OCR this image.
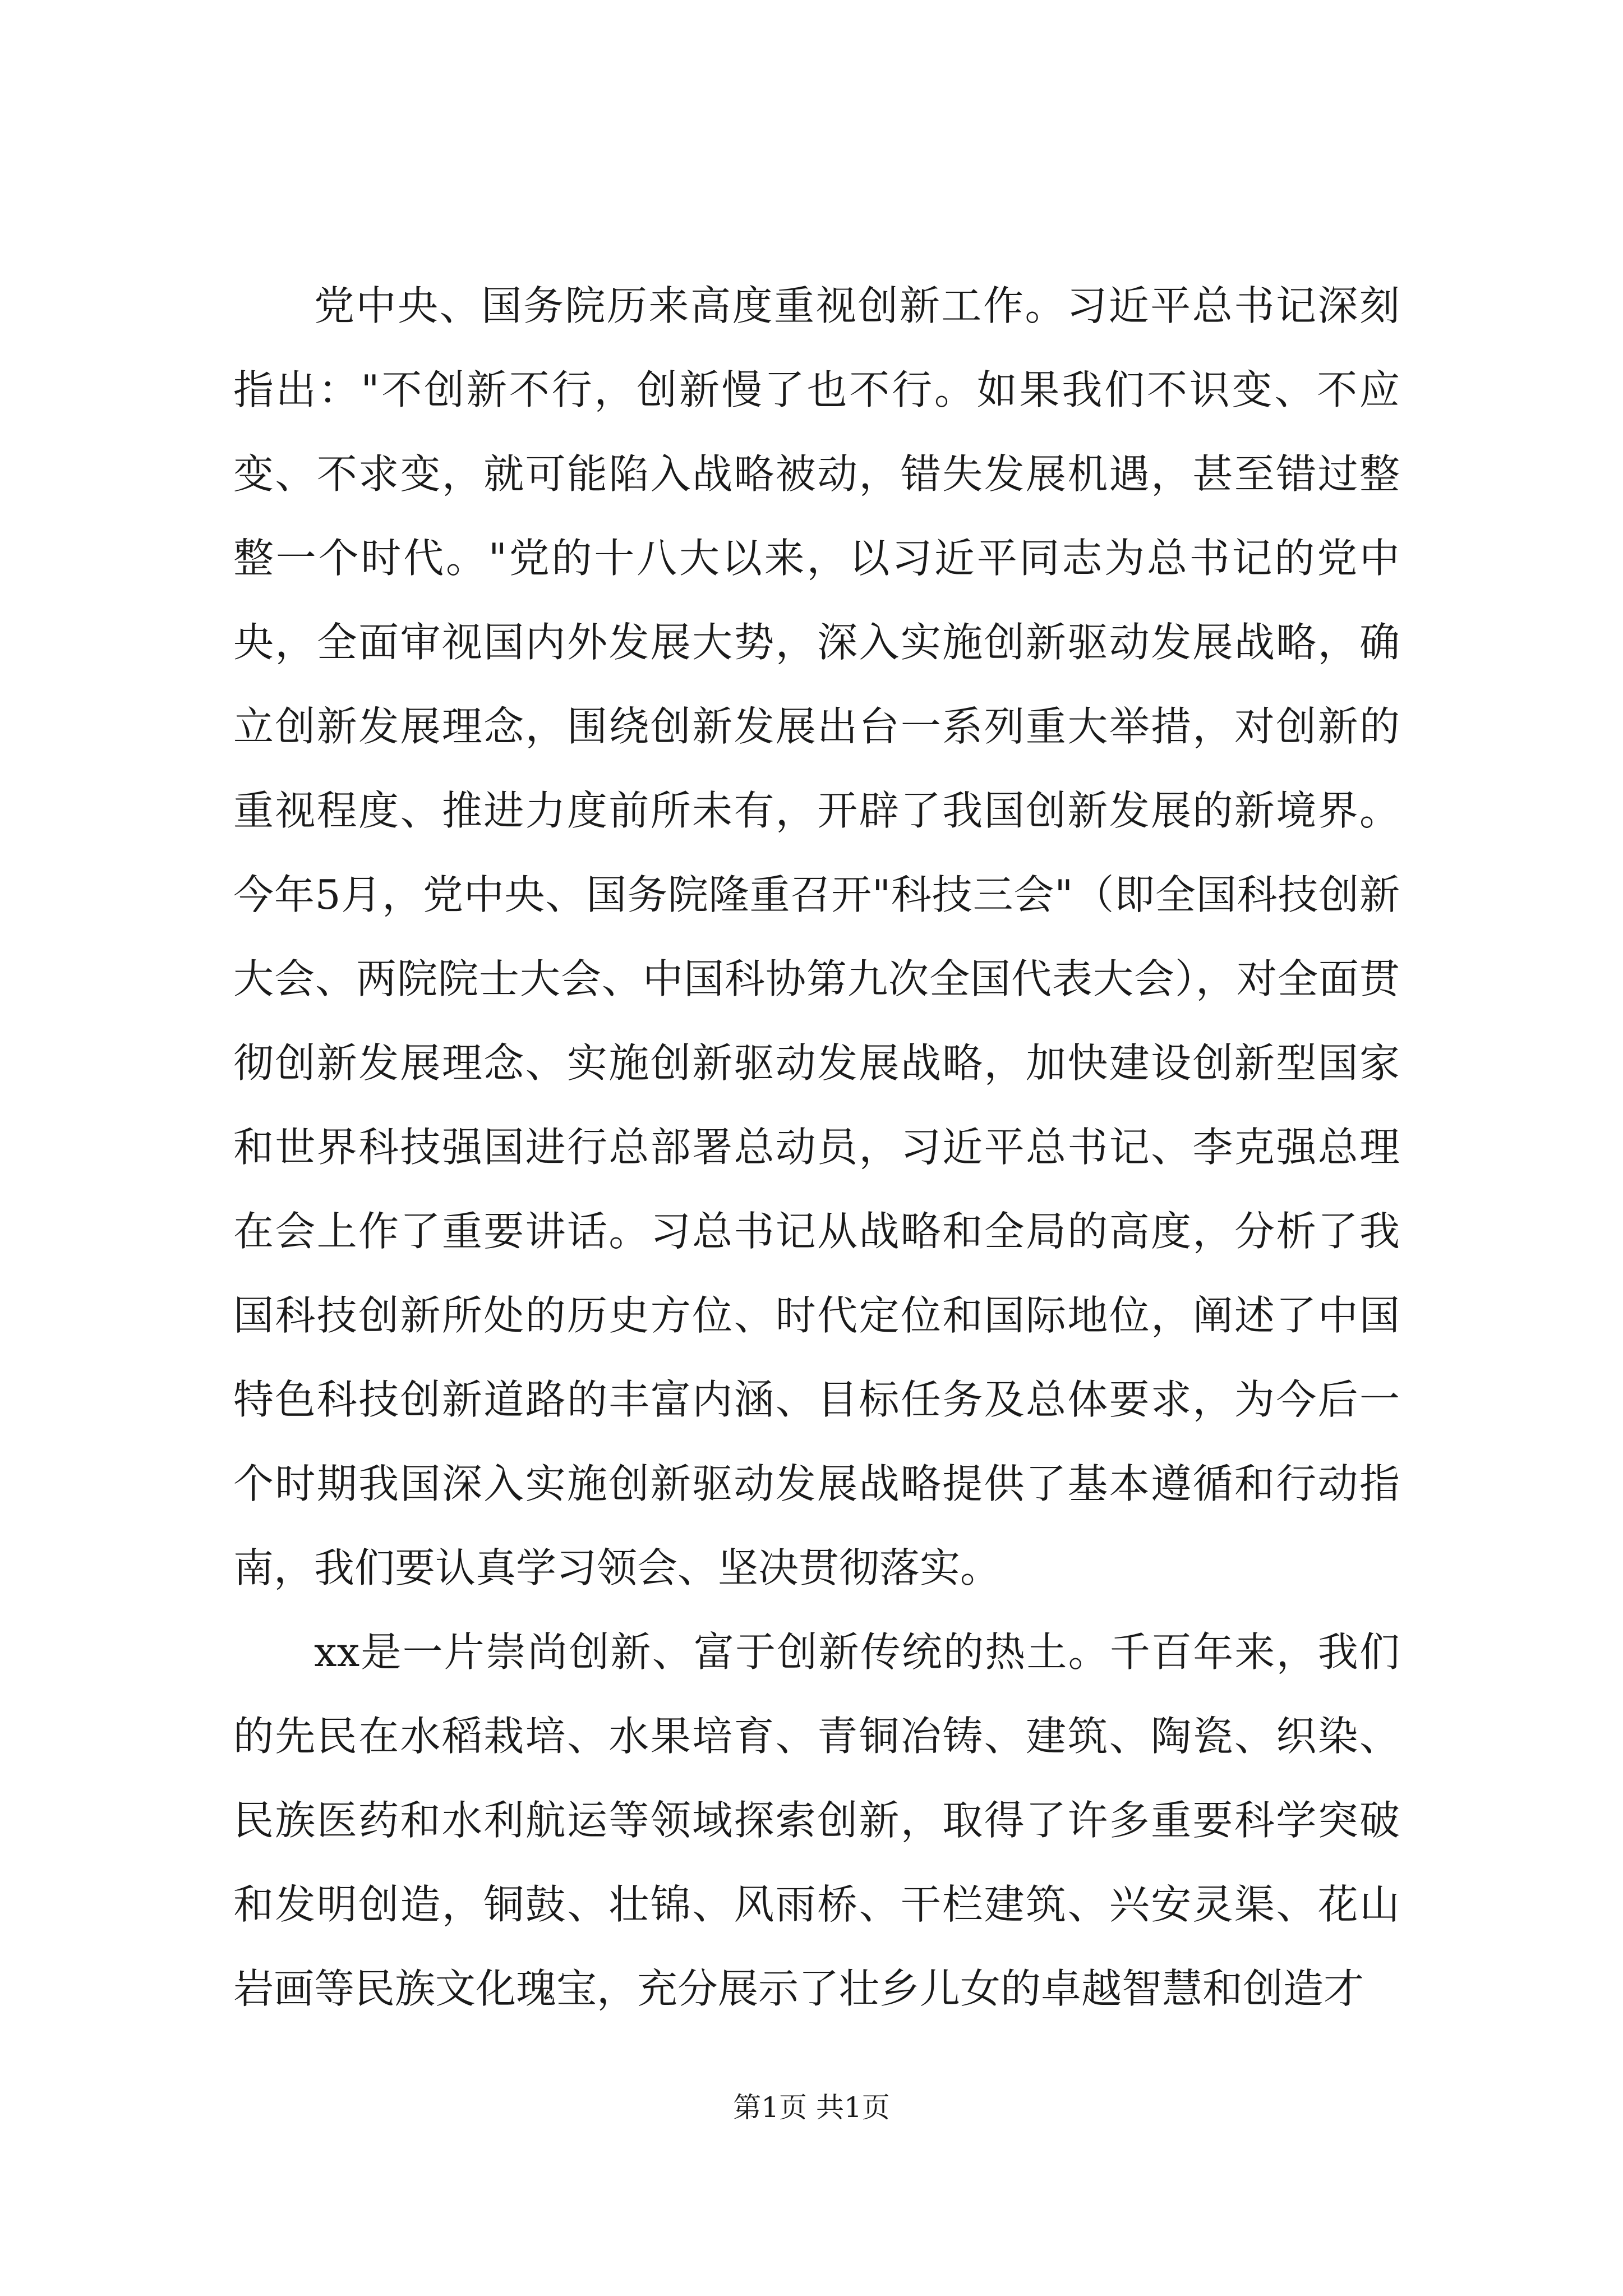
党中央、国务院历来高度重视创新工作。习近平总书记深刻指出："不创新不行，创新慢了也不行。如果我们不识变、不应变、不求变，就可能陷入战略被动，错失发展机遇，甚至错过整整一个时代。"党的十八大以来，以习近平同志为总书记的党中央，全面审视国内外发展大势，深入实施创新驱动发展战略，确立创新发展理念，围绕创新发展出台一系列重大举措，对创新的重视程度、推进力度前所未有，开辟了我国创新发展的新境界。今年5月，党中央、国务院隆重召开"科技三会"（即全国科技创新大会、两院院士大会、中国科协第九次全国代表大会），对全面贯彻创新发展理念、实施创新驱动发展战略，加快建设创新型国家和世界科技强国进行总部署总动员，习近平总书记、李克强总理在会上作了重要讲话。习总书记从战略和全局的高度，分析了我国科技创新所处的历史方位、时代定位和国际地位，阐述了中国特色科技创新道路的丰富内涵、目标任务及总体要求，为今后一个时期我国深入实施创新驱动发展战略提供了基本遵循和行动指南，我们要认真学习领会、坚决贯彻落实。

xx是一片崇尚创新、富于创新传统的热土。千百年来，我们的先民在水稻栽培、水果培育、青铜冶铸、建筑、陶瓷、织染、民族医药和水利航运等领域探索创新，取得了许多重要科学突破和发明创造，铜鼓、壮锦、风雨桥、干栏建筑、兴安灵渠、花山岩画等民族文化瑰宝，充分展示了壮乡儿女的卓越智慧和创造才

第1页 共1页
